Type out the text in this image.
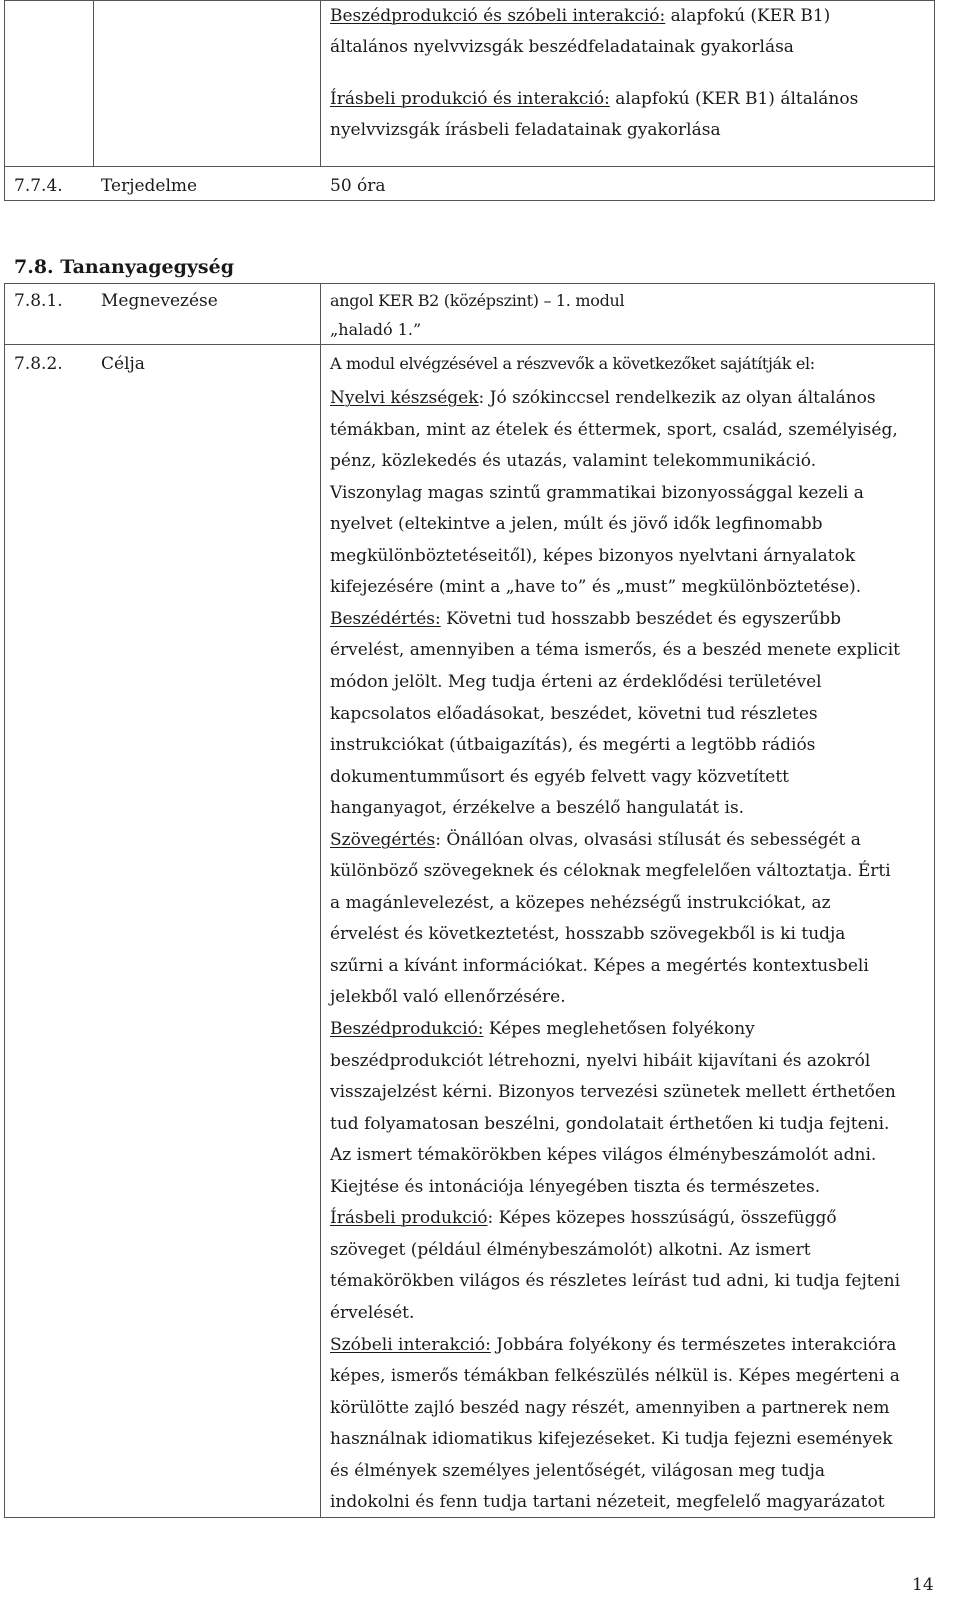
Beszédprodukció és szóbeli interakció: alapfokú (KER B1)
általános nyelvvizsgák beszédfeladatainak gyakorlása
Írásbeli produkció és interakció: alapfokú (KER B1) általános
nyelvvizsgák írásbeli feladatainak gyakorlása
7.7.4. Terjedelme	50 óra
7.8. Tananyagegység
7.8.1. Megnevezése	angol KER B2 (középszint) – 1. modul
„haladó 1.”
7.8.2. Célja	A modul elvégzésével a részvevők a következőket sajátítják el:
Nyelvi készségek: Jó szókinccsel rendelkezik az olyan általános
témákban, mint az ételek és éttermek, sport, család, személyiség,
pénz, közlekedés és utazás, valamint telekommunikáció.
Viszonylag magas szintű grammatikai bizonyossággal kezeli a
nyelvet (eltekintve a jelen, múlt és jövő idők legfinomabb
megkülönböztetéseitől), képes bizonyos nyelvtani árnyalatok
kifejezésére (mint a „have to” és „must” megkülönböztetése).
Beszédértés: Követni tud hosszabb beszédet és egyszerűbb
érvelést, amennyiben a téma ismerős, és a beszéd menete explicit
módon jelölt. Meg tudja érteni az érdeklődési területével
kapcsolatos előadásokat, beszédet, követni tud részletes
instrukciókat (útbaigazítás), és megérti a legtöbb rádiós
dokumentumműsort és egyéb felvett vagy közvetített
hanganyagot, érzékelve a beszélő hangulatát is.
Szövegértés: Önállóan olvas, olvasási stílusát és sebességét a
különböző szövegeknek és céloknak megfelelően változtatja. Érti
a magánlevelezést, a közepes nehézségű instrukciókat, az
érvelést és következtetést, hosszabb szövegekből is ki tudja
szűrni a kívánt információkat. Képes a megértés kontextusbeli
jelekből való ellenőrzésére.
Beszédprodukció: Képes meglehetősen folyékony
beszédprodukciót létrehozni, nyelvi hibáit kijavítani és azokról
visszajelzést kérni. Bizonyos tervezési szünetek mellett érthetően
tud folyamatosan beszélni, gondolatait érthetően ki tudja fejteni.
Az ismert témakörökben képes világos élménybeszámolót adni.
Kiejtése és intonációja lényegében tiszta és természetes.
Írásbeli produkció: Képes közepes hosszúságú, összefüggő
szöveget (például élménybeszámolót) alkotni. Az ismert
témakörökben világos és részletes leírást tud adni, ki tudja fejteni
érvelését.
Szóbeli interakció: Jobbára folyékony és természetes interakcióra
képes, ismerős témákban felkészülés nélkül is. Képes megérteni a
körülötte zajló beszéd nagy részét, amennyiben a partnerek nem
használnak idiomatikus kifejezéseket. Ki tudja fejezni események
és élmények személyes jelentőségét, világosan meg tudja
indokolni és fenn tudja tartani nézeteit, megfelelő magyarázatot
14
